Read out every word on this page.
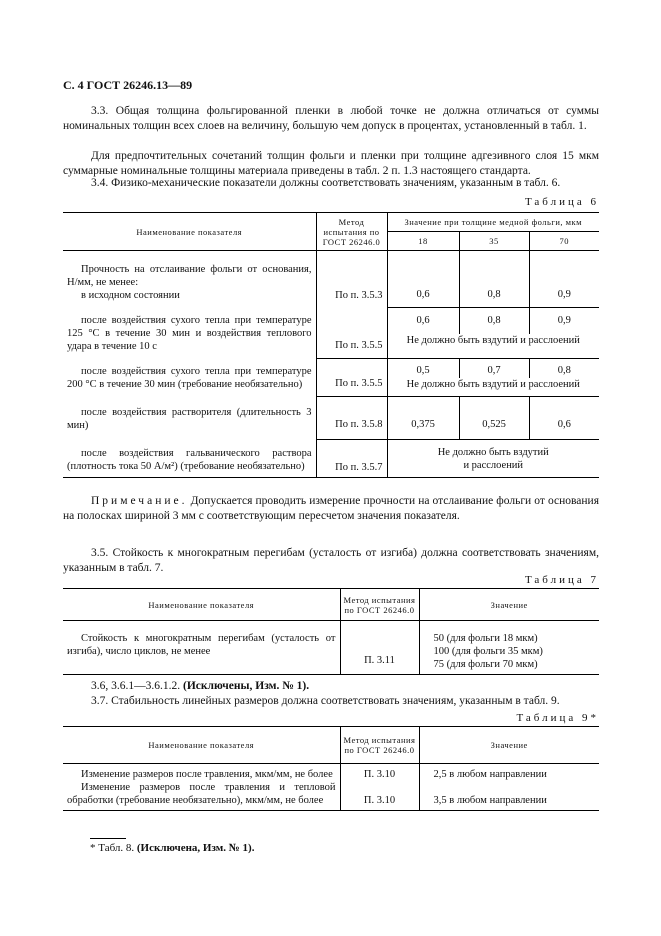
С. 4 ГОСТ 26246.13—89
3.3. Общая толщина фольгированной пленки в любой точке не должна отличаться от суммы номинальных толщин всех слоев на величину, большую чем допуск в процентах, установленный в табл. 1.
Для предпочтительных сочетаний толщин фольги и пленки при толщине адгезивного слоя 15 мкм суммарные номинальные толщины материала приведены в табл. 2 п. 1.3 настоящего стандарта.
3.4. Физико-механические показатели должны соответствовать значениям, указанным в табл. 6.
Таблица 6
Наименование показателя	Метод испытания по ГОСТ 26246.0	Значение при толщине медной фольги, мкм		
		18	35	70

Прочность на отслаивание фольги от основания, Н/мм, не менее:
в исходном состоянии	По п. 3.5.3	0,6	0,8	0,9
после воздействия сухого тепла при температуре 125 °С в течение 30 мин и воздействия теплового удара в течение 10 с	По п. 3.5.5	0,6	0,8	0,9
		Не должно быть вздутий и расслоений		
после воздействия сухого тепла при температуре 200 °С в течение 30 мин (требование необязательно)	По п. 3.5.5	0,5	0,7	0,8
		Не должно быть вздутий и расслоений		
после воздействия растворителя (длительность 3 мин)	По п. 3.5.8	0,375	0,525	0,6
после воздействия гальванического раствора (плотность тока 50 А/м²) (требование необязательно)	По п. 3.5.7	Не должно быть вздутий и расслоений		
Примечание. Допускается проводить измерение прочности на отслаивание фольги от основания на полосках шириной 3 мм с соответствующим пересчетом значения показателя.
3.5. Стойкость к многократным перегибам (усталость от изгиба) должна соответствовать значениям, указанным в табл. 7.
Таблица 7
Наименование показателя	Метод испытания по ГОСТ 26246.0	Значение
Стойкость к многократным перегибам (усталость от изгиба), число циклов, не менее	П. 3.11	50 (для фольги 18 мкм)
100 (для фольги 35 мкм)
75 (для фольги 70 мкм)
3.6, 3.6.1—3.6.1.2. (Исключены, Изм. № 1).
3.7. Стабильность линейных размеров должна соответствовать значениям, указанным в табл. 9.
Таблица 9*
Наименование показателя	Метод испытания по ГОСТ 26246.0	Значение
Изменение размеров после травления, мкм/мм, не более	П. 3.10	2,5 в любом направлении
Изменение размеров после травления и тепловой обработки (требование необязательно), мкм/мм, не более	П. 3.10	3,5 в любом направлении
* Табл. 8. (Исключена, Изм. № 1).
